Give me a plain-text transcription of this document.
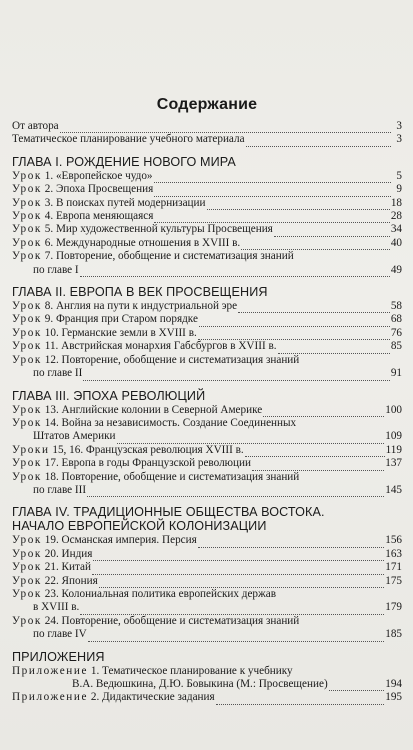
Содержание
От автора	3
Тематическое планирование учебного материала	3
ГЛАВА I. РОЖДЕНИЕ НОВОГО МИРА
Урок 1. «Европейское чудо»	5
Урок 2. Эпоха Просвещения	9
Урок 3. В поисках путей модернизации	18
Урок 4. Европа меняющаяся	28
Урок 5. Мир художественной культуры Просвещения	34
Урок 6. Международные отношения в XVIII в.	40
Урок 7. Повторение, обобщение и систематизация знаний
по главе I	49
ГЛАВА II. ЕВРОПА В ВЕК ПРОСВЕЩЕНИЯ
Урок 8. Англия на пути к индустриальной эре	58
Урок 9. Франция при Старом порядке	68
Урок 10. Германские земли в XVIII в.	76
Урок 11. Австрийская монархия Габсбургов в XVIII в.	85
Урок 12. Повторение, обобщение и систематизация знаний
по главе II	91
ГЛАВА III. ЭПОХА РЕВОЛЮЦИЙ
Урок 13. Английские колонии в Северной Америке	100
Урок 14. Война за независимость. Создание Соединенных
Штатов Америки	109
Уроки 15, 16. Французская революция XVIII в.	119
Урок 17. Европа в годы Французской революции	137
Урок 18. Повторение, обобщение и систематизация знаний
по главе III	145
ГЛАВА IV. ТРАДИЦИОННЫЕ ОБЩЕСТВА ВОСТОКА.
НАЧАЛО ЕВРОПЕЙСКОЙ КОЛОНИЗАЦИИ
Урок 19. Османская империя. Персия	156
Урок 20. Индия	163
Урок 21. Китай	171
Урок 22. Япония	175
Урок 23. Колониальная политика европейских держав
в XVIII в.	179
Урок 24. Повторение, обобщение и систематизация знаний
по главе IV	185
ПРИЛОЖЕНИЯ
Приложение 1. Тематическое планирование к учебнику
В.А. Ведюшкина, Д.Ю. Бовыкина (М.: Просвещение)	194
Приложение 2. Дидактические задания	195
